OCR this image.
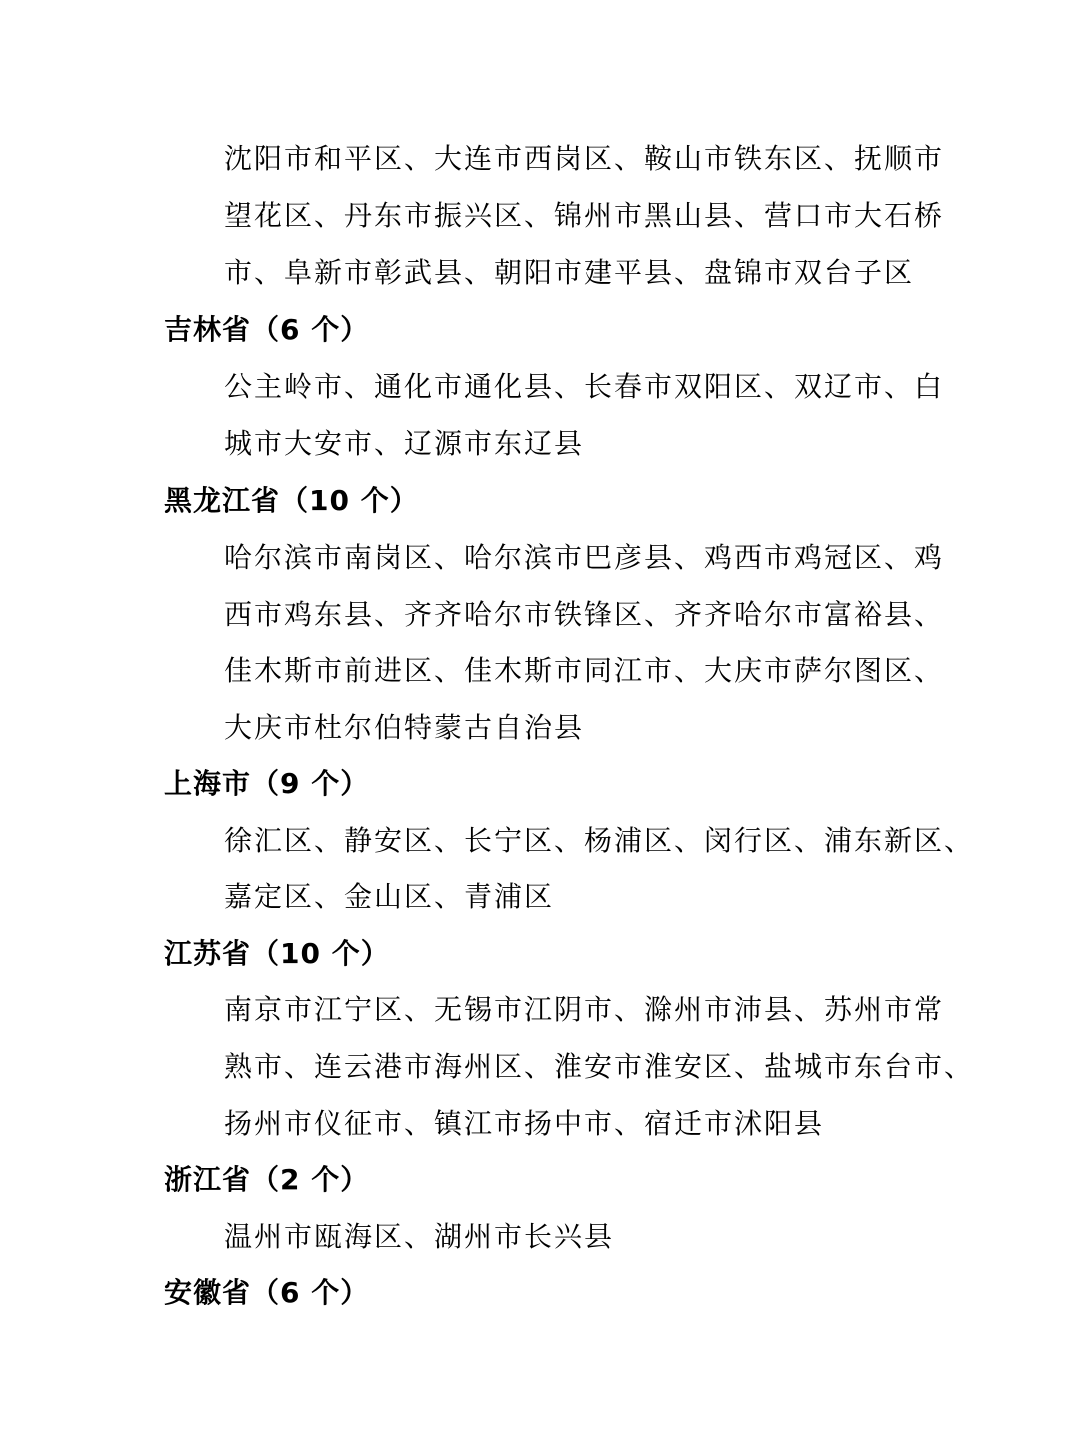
沈阳市和平区、大连市西岗区、鞍山市铁东区、抚顺市
望花区、丹东市振兴区、锦州市黑山县、营口市大石桥
市、阜新市彰武县、朝阳市建平县、盘锦市双台子区
吉林省（6 个）
公主岭市、通化市通化县、长春市双阳区、双辽市、白
城市大安市、辽源市东辽县
黑龙江省（10 个）
哈尔滨市南岗区、哈尔滨市巴彦县、鸡西市鸡冠区、鸡
西市鸡东县、齐齐哈尔市铁锋区、齐齐哈尔市富裕县、
佳木斯市前进区、佳木斯市同江市、大庆市萨尔图区、
大庆市杜尔伯特蒙古自治县
上海市（9 个）
徐汇区、静安区、长宁区、杨浦区、闵行区、浦东新区、
嘉定区、金山区、青浦区
江苏省（10 个）
南京市江宁区、无锡市江阴市、滁州市沛县、苏州市常
熟市、连云港市海州区、淮安市淮安区、盐城市东台市、
扬州市仪征市、镇江市扬中市、宿迁市沭阳县
浙江省（2 个）
温州市瓯海区、湖州市长兴县
安徽省（6 个）
